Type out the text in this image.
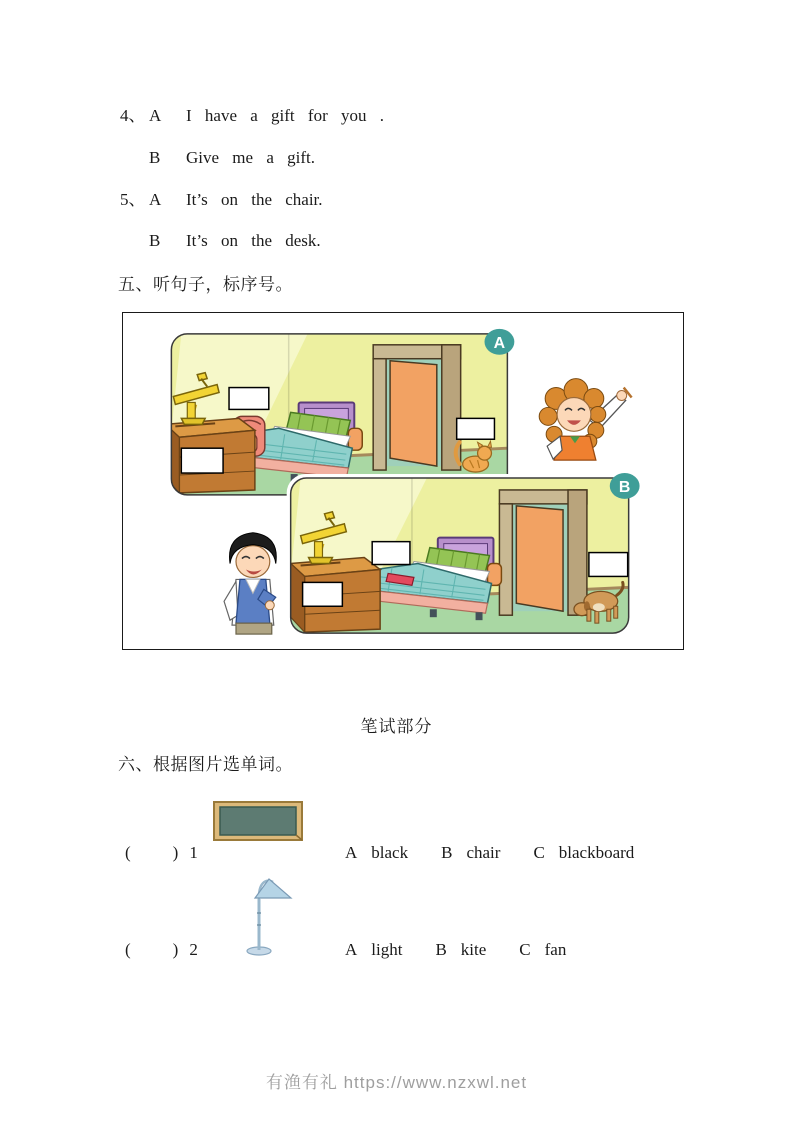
4、 A I have a gift for you .
B Give me a gift.
5、 A It’s on the chair.
B It’s on the desk.
五、听句子，标序号。
A
B
笔试部分
六、根据图片选单词。
( ) 1	A black B chair C blackboard
( ) 2	A light B kite C fan
有渔有礼 https://www.nzxwl.net
